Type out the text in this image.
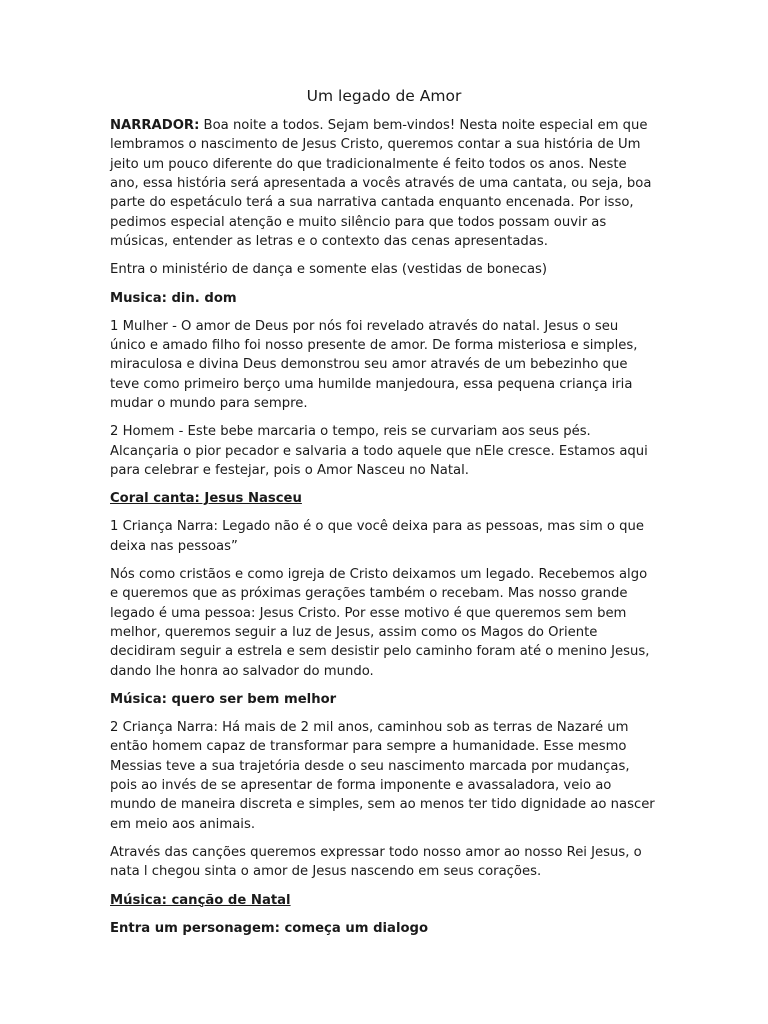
Um legado de Amor

NARRADOR: Boa noite a todos. Sejam bem-vindos! Nesta noite especial em que lembramos o nascimento de Jesus Cristo, queremos contar a sua história de Um jeito um pouco diferente do que tradicionalmente é feito todos os anos. Neste ano, essa história será apresentada a vocês através de uma cantata, ou seja, boa parte do espetáculo terá a sua narrativa cantada enquanto encenada. Por isso, pedimos especial atenção e muito silêncio para que todos possam ouvir as músicas, entender as letras e o contexto das cenas apresentadas.

Entra o ministério de dança e somente elas (vestidas de bonecas)

Musica: din. dom

1 Mulher - O amor de Deus por nós foi revelado através do natal. Jesus o seu único e amado filho foi nosso presente de amor. De forma misteriosa e simples, miraculosa e divina Deus demonstrou seu amor através de um bebezinho que teve como primeiro berço uma humilde manjedoura, essa pequena criança iria mudar o mundo para sempre.

2 Homem - Este bebe marcaria o tempo, reis se curvariam aos seus pés. Alcançaria o pior pecador e salvaria a todo aquele que nEle cresce. Estamos aqui para celebrar e festejar, pois o Amor Nasceu no Natal.

Coral canta: Jesus Nasceu

1 Criança Narra: Legado não é o que você deixa para as pessoas, mas sim o que deixa nas pessoas”

Nós como cristãos e como igreja de Cristo deixamos um legado. Recebemos algo e queremos que as próximas gerações também o recebam. Mas nosso grande legado é uma pessoa: Jesus Cristo. Por esse motivo é que queremos sem bem melhor, queremos seguir a luz de Jesus, assim como os Magos do Oriente decidiram seguir a estrela e sem desistir pelo caminho foram até o menino Jesus, dando lhe honra ao salvador do mundo.

Música: quero ser bem melhor

2 Criança Narra: Há mais de 2 mil anos, caminhou sob as terras de Nazaré um então homem capaz de transformar para sempre a humanidade. Esse mesmo Messias teve a sua trajetória desde o seu nascimento marcada por mudanças, pois ao invés de se apresentar de forma imponente e avassaladora, veio ao mundo de maneira discreta e simples, sem ao menos ter tido dignidade ao nascer em meio aos animais.

Através das canções queremos expressar todo nosso amor ao nosso Rei Jesus, o nata l chegou sinta o amor de Jesus nascendo em seus corações.

Música: canção de Natal

Entra um personagem: começa um dialogo
